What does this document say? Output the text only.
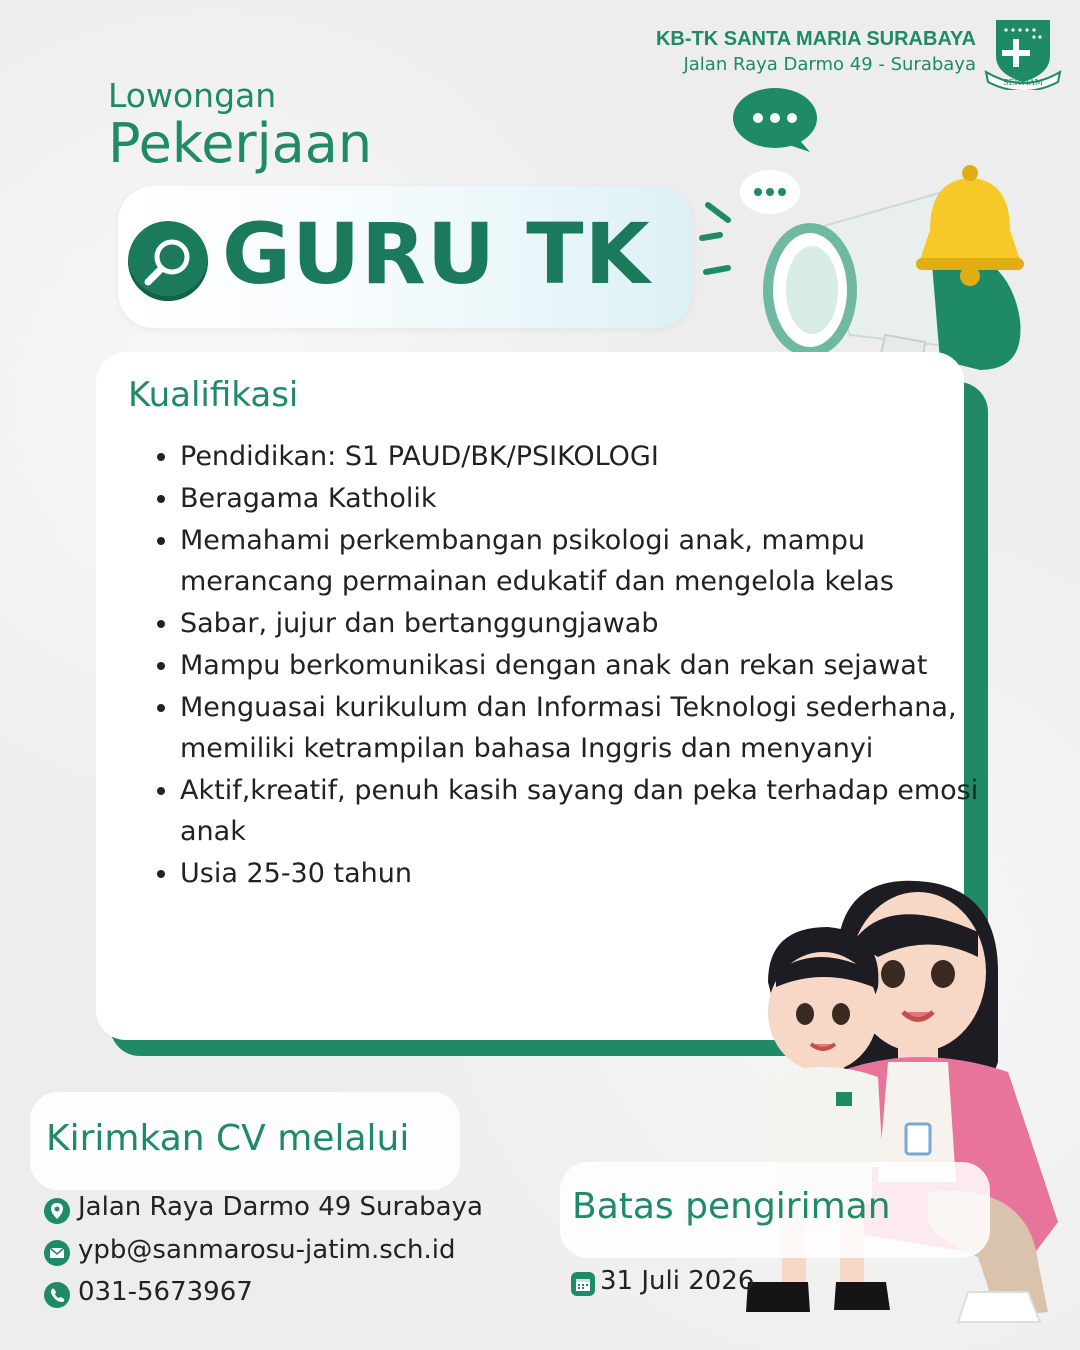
KB-TK SANTA MARIA SURABAYA
Jalan Raya Darmo 49 - Surabaya
SERVIAM
Lowongan
Pekerjaan
GURU TK
Kualifikasi
• Pendidikan: S1 PAUD/BK/PSIKOLOGI
• Beragama Katholik
• Memahami perkembangan psikologi anak, mampu merancang permainan edukatif dan mengelola kelas
• Sabar, jujur dan bertanggungjawab
• Mampu berkomunikasi dengan anak dan rekan sejawat
• Menguasai kurikulum dan Informasi Teknologi sederhana, memiliki ketrampilan bahasa Inggris dan menyanyi
• Aktif,kreatif, penuh kasih sayang dan peka terhadap emosi anak
• Usia 25-30 tahun
Kirimkan CV melalui
Jalan Raya Darmo 49 Surabaya
ypb@sanmarosu-jatim.sch.id
031-5673967
Batas pengiriman
31 Juli 2026
